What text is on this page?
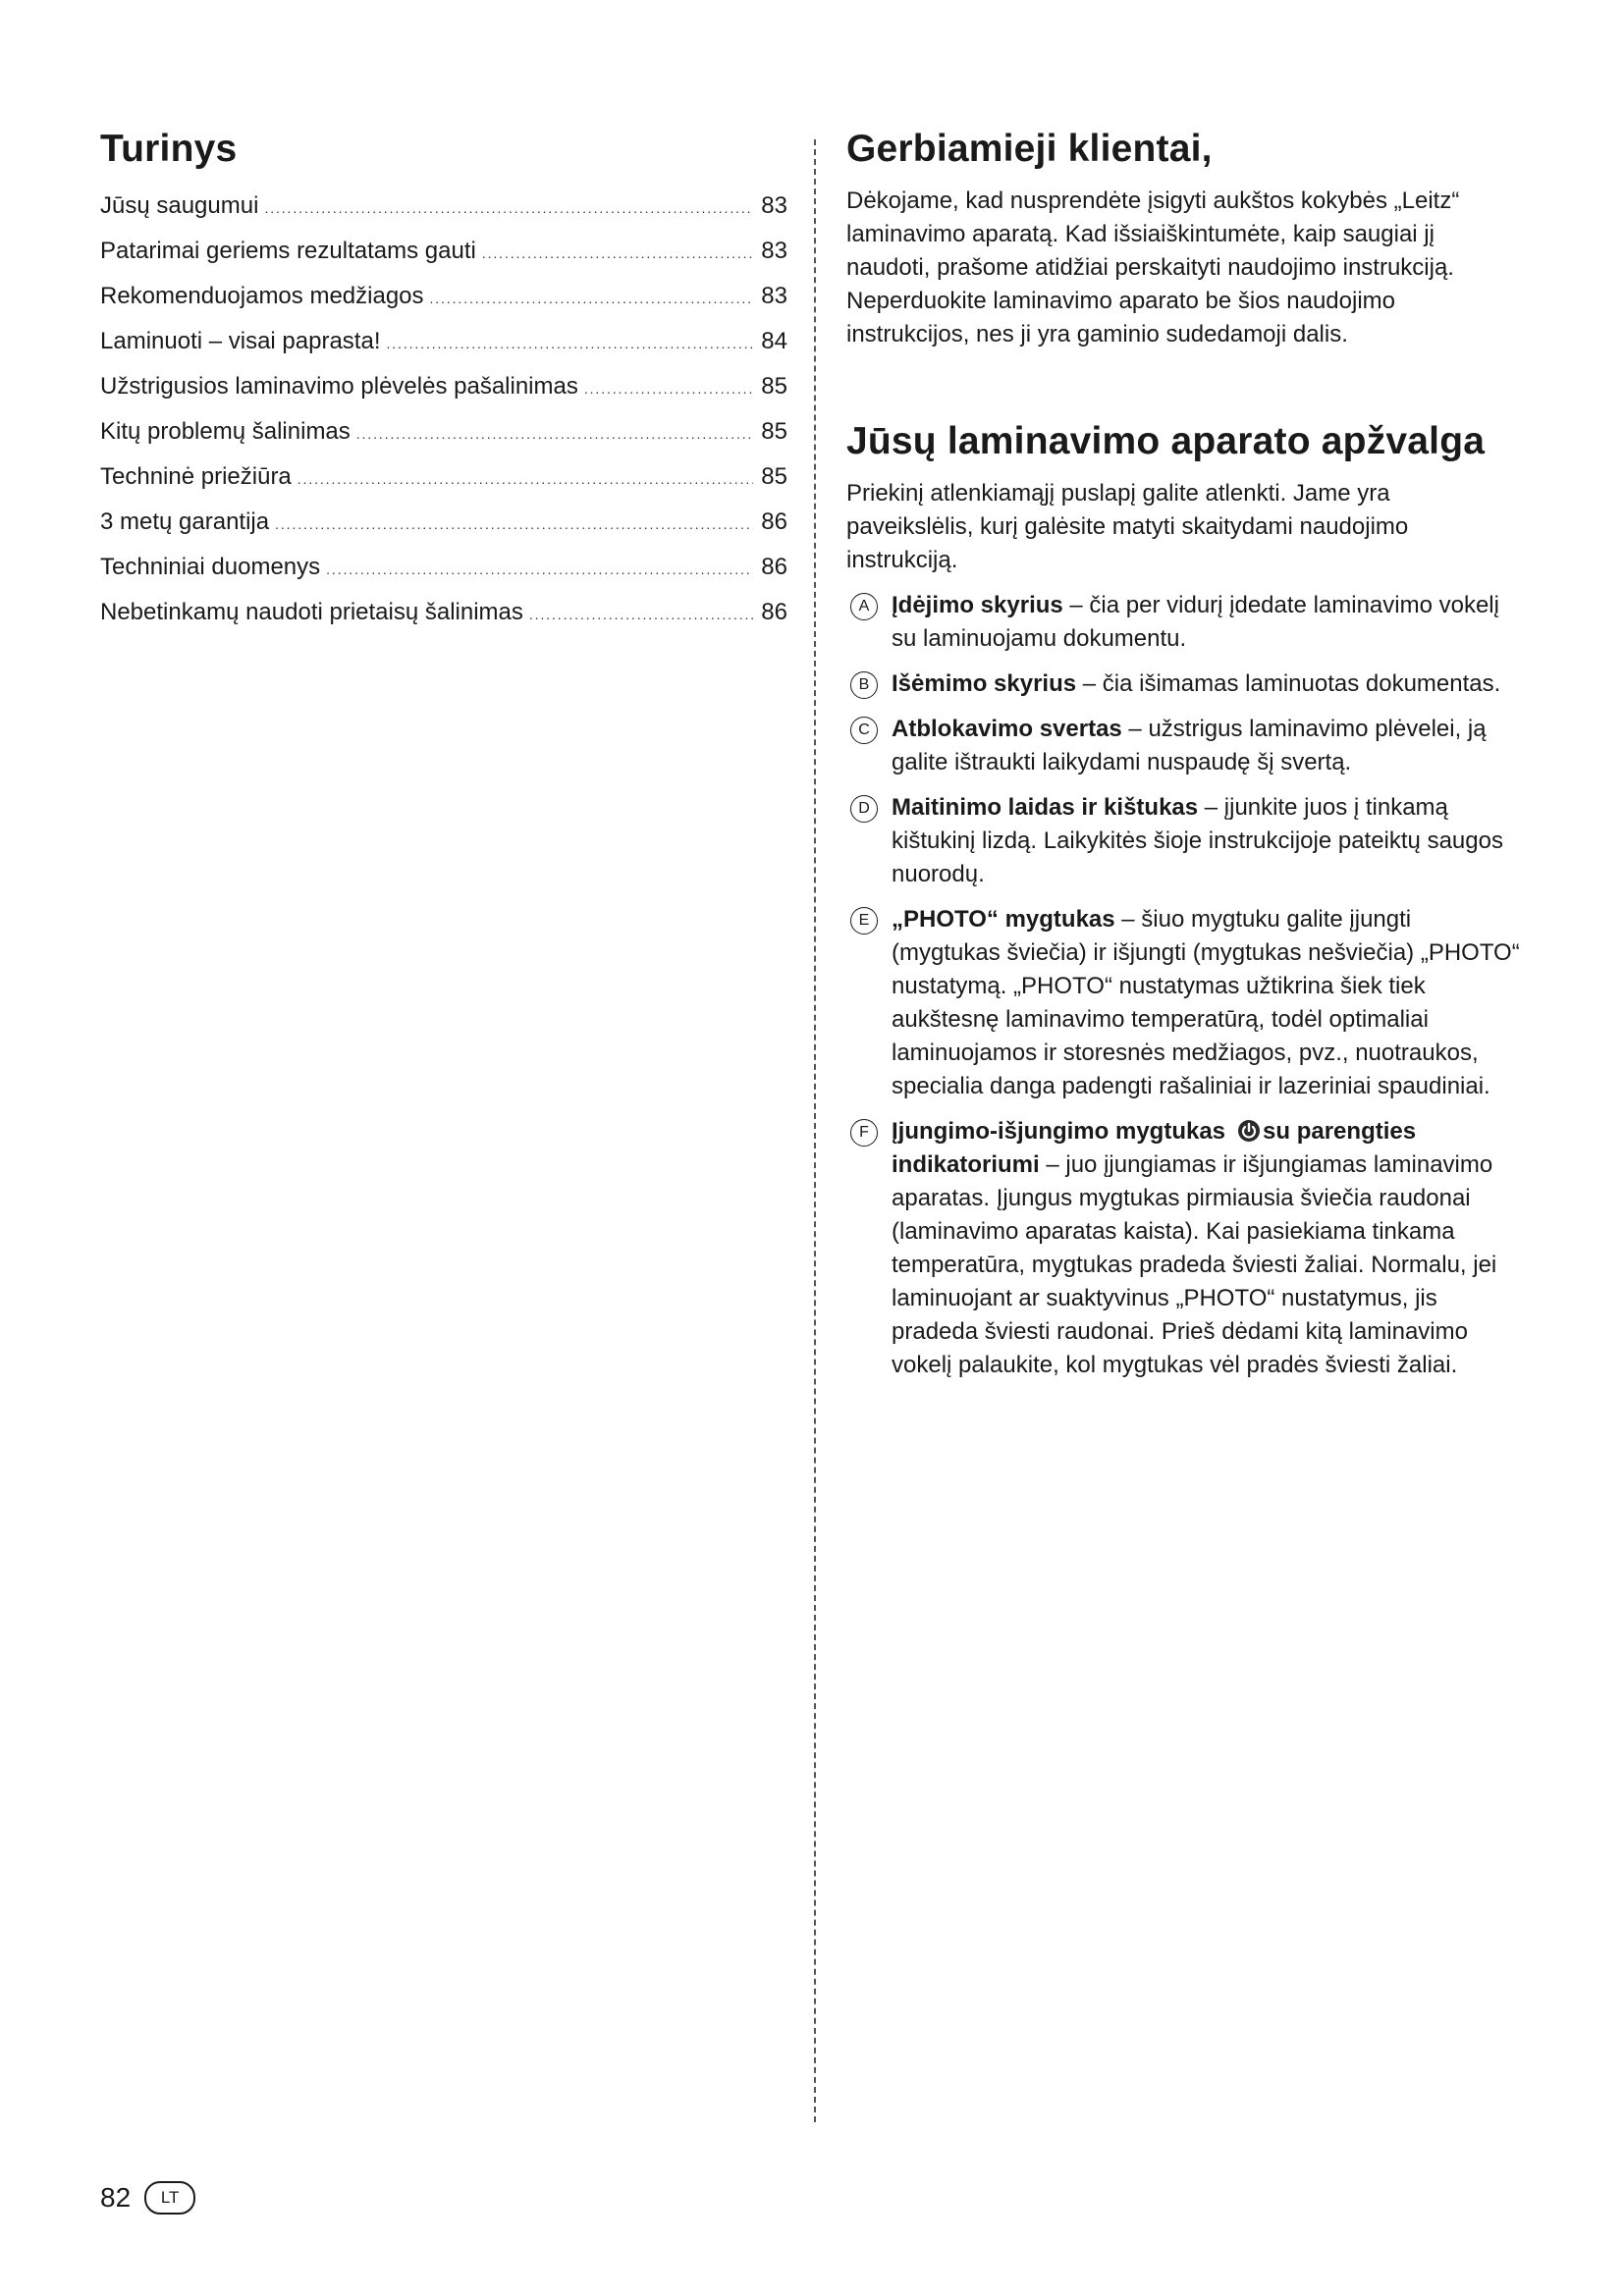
Turinys
Jūsų saugumui . . .	83
Patarimai geriems rezultatams gauti . . .	83
Rekomenduojamos medžiagos . . .	83
Laminuoti – visai paprasta! . . .	84
Užstrigusios laminavimo plėvelės pašalinimas . . .	85
Kitų problemų šalinimas . . .	85
Techninė priežiūra . . .	85
3 metų garantija . . .	86
Techniniai duomenys . . .	86
Nebetinkamų naudoti prietaisų šalinimas . . .	86
Gerbiamieji klientai,

Dėkojame, kad nusprendėte įsigyti aukštos kokybės „Leitz“ laminavimo aparatą. Kad išsiaiškintumėte, kaip saugiai jį naudoti, prašome atidžiai perskaityti naudojimo instrukciją. Neperduokite laminavimo aparato be šios naudojimo instrukcijos, nes ji yra gaminio sudedamoji dalis.

Jūsų laminavimo aparato apžvalga

Priekinį atlenkiamąjį puslapį galite atlenkti. Jame yra paveikslėlis, kurį galėsite matyti skaitydami naudojimo instrukciją.

A Įdėjimo skyrius – čia per vidurį įdedate laminavimo vokelį su laminuojamu dokumentu.
B Išėmimo skyrius – čia išimamas laminuotas dokumentas.
C Atblokavimo svertas – užstrigus laminavimo plėvelei, ją galite ištraukti laikydami nuspaudę šį svertą.
D Maitinimo laidas ir kištukas – įjunkite juos į tinkamą kištukinį lizdą. Laikykitės šioje instrukcijoje pateiktų saugos nuorodų.
E „PHOTO“ mygtukas – šiuo mygtuku galite įjungti (mygtukas šviečia) ir išjungti (mygtukas nešviečia) „PHOTO“ nustatymą. „PHOTO“ nustatymas užtikrina šiek tiek aukštesnę laminavimo temperatūrą, todėl optimaliai laminuojamos ir storesnės medžiagos, pvz., nuotraukos, specialia danga padengti rašaliniai ir lazeriniai spaudiniai.
F Įjungimo-išjungimo mygtukas su parengties indikatoriumi – juo įjungiamas ir išjungiamas laminavimo aparatas. Įjungus mygtukas pirmiausia šviečia raudonai (laminavimo aparatas kaista). Kai pasiekiama tinkama temperatūra, mygtukas pradeda šviesti žaliai. Normalu, jei laminuojant ar suaktyvinus „PHOTO“ nustatymus, jis pradeda šviesti raudonai. Prieš dėdami kitą laminavimo vokelį palaukite, kol mygtukas vėl pradės šviesti žaliai.
82	LT
